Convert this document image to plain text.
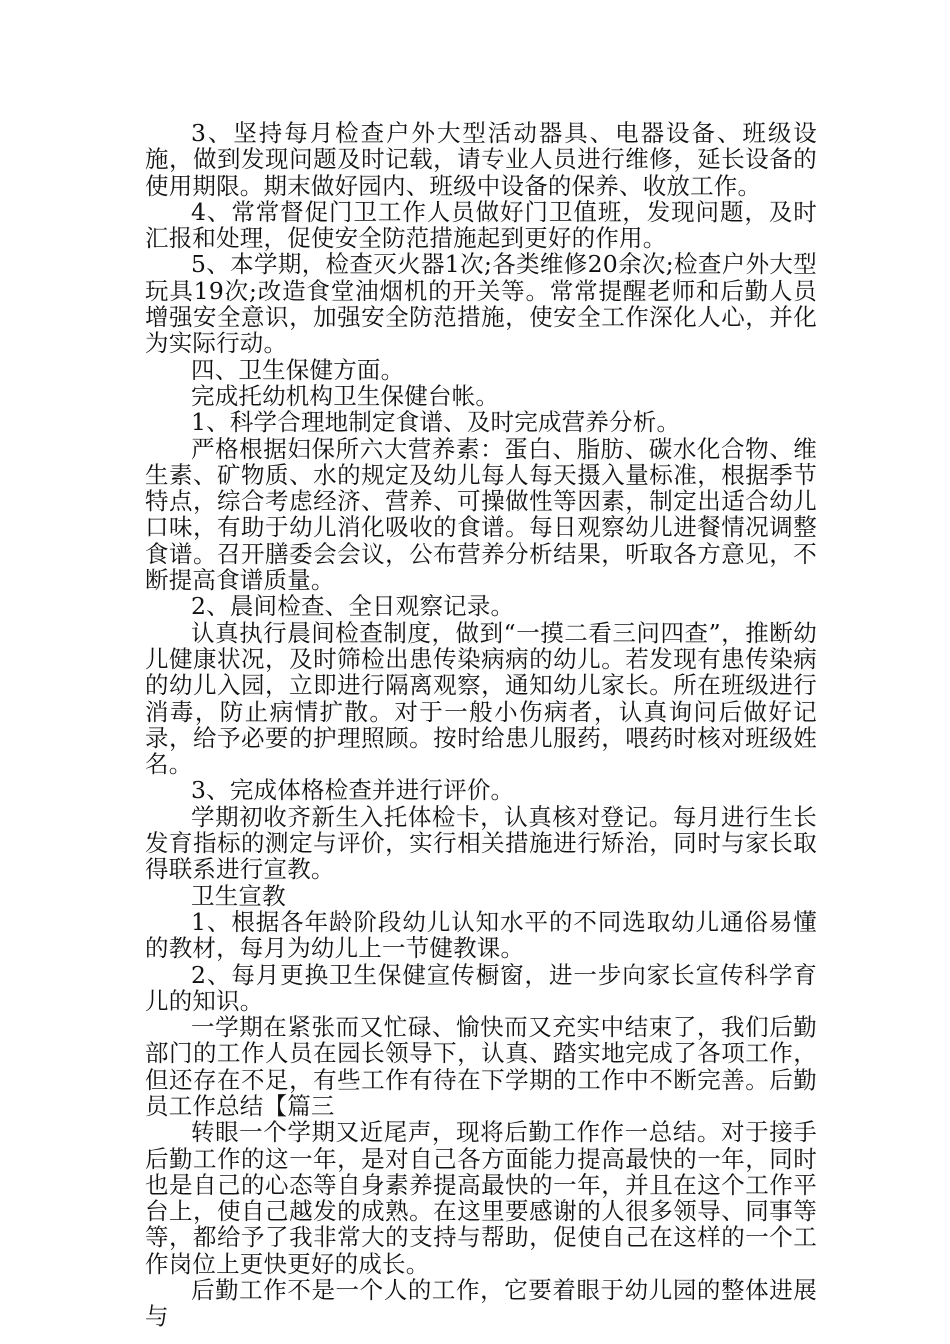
3、坚持每月检查户外大型活动器具、电器设备、班级设施，做到发现问题及时记载，请专业人员进行维修，延长设备的使用期限。期末做好园内、班级中设备的保养、收放工作。

4、常常督促门卫工作人员做好门卫值班，发现问题，及时汇报和处理，促使安全防范措施起到更好的作用。

5、本学期，检查灭火器1次;各类维修20余次;检查户外大型玩具19次;改造食堂油烟机的开关等。常常提醒老师和后勤人员增强安全意识，加强安全防范措施，使安全工作深化人心，并化为实际行动。

四、卫生保健方面。

完成托幼机构卫生保健台帐。

1、科学合理地制定食谱、及时完成营养分析。

严格根据妇保所六大营养素：蛋白、脂肪、碳水化合物、维生素、矿物质、水的规定及幼儿每人每天摄入量标准，根据季节特点，综合考虑经济、营养、可操做性等因素，制定出适合幼儿口味，有助于幼儿消化吸收的食谱。每日观察幼儿进餐情况调整食谱。召开膳委会会议，公布营养分析结果，听取各方意见，不断提高食谱质量。

2、晨间检查、全日观察记录。

认真执行晨间检查制度，做到“一摸二看三问四查”，推断幼儿健康状况，及时筛检出患传染病病的幼儿。若发现有患传染病的幼儿入园，立即进行隔离观察，通知幼儿家长。所在班级进行消毒，防止病情扩散。对于一般小伤病者，认真询问后做好记录，给予必要的护理照顾。按时给患儿服药，喂药时核对班级姓名。

3、完成体格检查并进行评价。

学期初收齐新生入托体检卡，认真核对登记。每月进行生长发育指标的测定与评价，实行相关措施进行矫治，同时与家长取得联系进行宣教。

卫生宣教

1、根据各年龄阶段幼儿认知水平的不同选取幼儿通俗易懂的教材，每月为幼儿上一节健教课。

2、每月更换卫生保健宣传橱窗，进一步向家长宣传科学育儿的知识。

一学期在紧张而又忙碌、愉快而又充实中结束了，我们后勤部门的工作人员在园长领导下，认真、踏实地完成了各项工作，但还存在不足，有些工作有待在下学期的工作中不断完善。后勤员工作总结【篇三

转眼一个学期又近尾声，现将后勤工作作一总结。对于接手后勤工作的这一年，是对自己各方面能力提高最快的一年，同时也是自己的心态等自身素养提高最快的一年，并且在这个工作平台上，使自己越发的成熟。在这里要感谢的人很多领导、同事等等，都给予了我非常大的支持与帮助，促使自己在这样的一个工作岗位上更快更好的成长。

后勤工作不是一个人的工作，它要着眼于幼儿园的整体进展与
